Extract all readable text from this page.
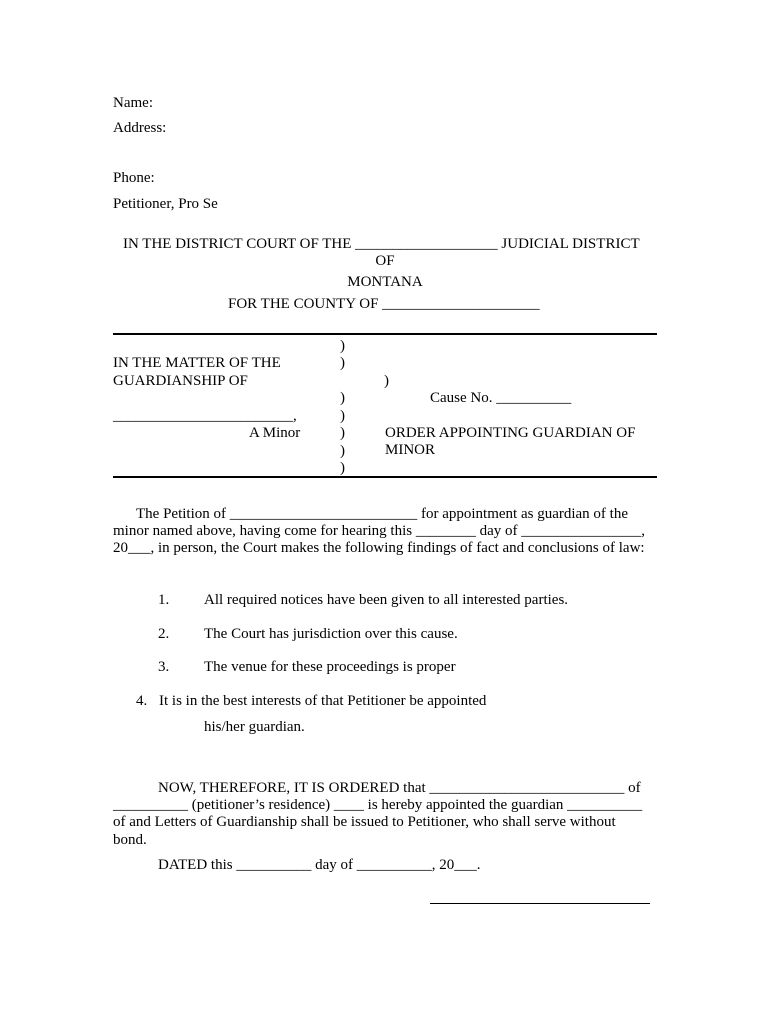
Name:
Address:
Phone:
Petitioner, Pro Se
IN THE DISTRICT COURT OF THE ___________________ JUDICIAL DISTRICT
OF
MONTANA
FOR THE COUNTY OF _____________________
IN THE MATTER OF THE
GUARDIANSHIP OF
________________________,
A Minor
)
)
)
)
)
)
)
)
Cause No. __________
ORDER APPOINTING GUARDIAN OF
MINOR
The Petition of _________________________ for appointment as guardian of the
minor named above, having come for hearing this ________ day of ________________,
20___, in person, the Court makes the following findings of fact and conclusions of law:
1. All required notices have been given to all interested parties.
2. The Court has jurisdiction over this cause.
3. The venue for these proceedings is proper
4. It is in the best interests of that Petitioner be appointed
his/her guardian.
NOW, THEREFORE, IT IS ORDERED that __________________________ of
__________ (petitioner’s residence) ____ is hereby appointed the guardian __________
of and Letters of Guardianship shall be issued to Petitioner, who shall serve without
bond.
DATED this __________ day of __________, 20___.
